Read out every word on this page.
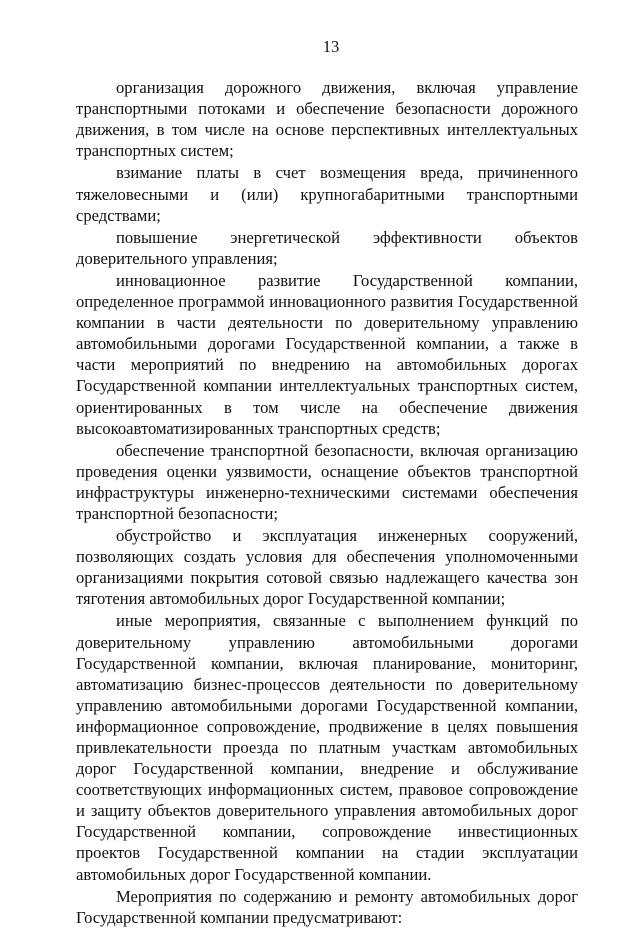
13

организация дорожного движения, включая управление транспортными потоками и обеспечение безопасности дорожного движения, в том числе на основе перспективных интеллектуальных транспортных систем;

взимание платы в счет возмещения вреда, причиненного тяжеловесными и (или) крупногабаритными транспортными средствами;

повышение энергетической эффективности объектов доверительного управления;

инновационное развитие Государственной компании, определенное программой инновационного развития Государственной компании в части деятельности по доверительному управлению автомобильными дорогами Государственной компании, а также в части мероприятий по внедрению на автомобильных дорогах Государственной компании интеллектуальных транспортных систем, ориентированных в том числе на обеспечение движения высокоавтоматизированных транспортных средств;

обеспечение транспортной безопасности, включая организацию проведения оценки уязвимости, оснащение объектов транспортной инфраструктуры инженерно-техническими системами обеспечения транспортной безопасности;

обустройство и эксплуатация инженерных сооружений, позволяющих создать условия для обеспечения уполномоченными организациями покрытия сотовой связью надлежащего качества зон тяготения автомобильных дорог Государственной компании;

иные мероприятия, связанные с выполнением функций по доверительному управлению автомобильными дорогами Государственной компании, включая планирование, мониторинг, автоматизацию бизнес-процессов деятельности по доверительному управлению автомобильными дорогами Государственной компании, информационное сопровождение, продвижение в целях повышения привлекательности проезда по платным участкам автомобильных дорог Государственной компании, внедрение и обслуживание соответствующих информационных систем, правовое сопровождение и защиту объектов доверительного управления автомобильных дорог Государственной компании, сопровождение инвестиционных проектов Государственной компании на стадии эксплуатации автомобильных дорог Государственной компании.

Мероприятия по содержанию и ремонту автомобильных дорог Государственной компании предусматривают:
